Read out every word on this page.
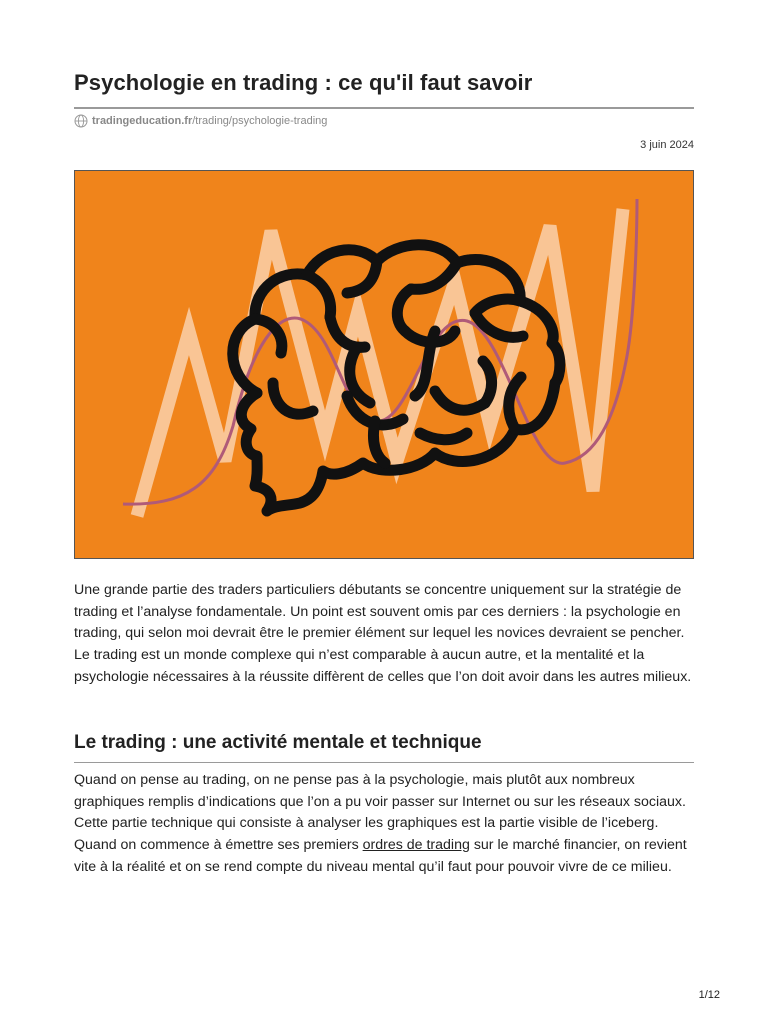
Psychologie en trading : ce qu'il faut savoir
tradingeducation.fr /trading/psychologie-trading
3 juin 2024

Une grande partie des traders particuliers débutants se concentre uniquement sur la stratégie de trading et l’analyse fondamentale. Un point est souvent omis par ces derniers : la psychologie en trading, qui selon moi devrait être le premier élément sur lequel les novices devraient se pencher. Le trading est un monde complexe qui n’est comparable à aucun autre, et la mentalité et la psychologie nécessaires à la réussite diffèrent de celles que l’on doit avoir dans les autres milieux.

Le trading : une activité mentale et technique

Quand on pense au trading, on ne pense pas à la psychologie, mais plutôt aux nombreux graphiques remplis d’indications que l’on a pu voir passer sur Internet ou sur les réseaux sociaux. Cette partie technique qui consiste à analyser les graphiques est la partie visible de l’iceberg. Quand on commence à émettre ses premiers ordres de trading sur le marché financier, on revient vite à la réalité et on se rend compte du niveau mental qu’il faut pour pouvoir vivre de ce milieu.

1/12
